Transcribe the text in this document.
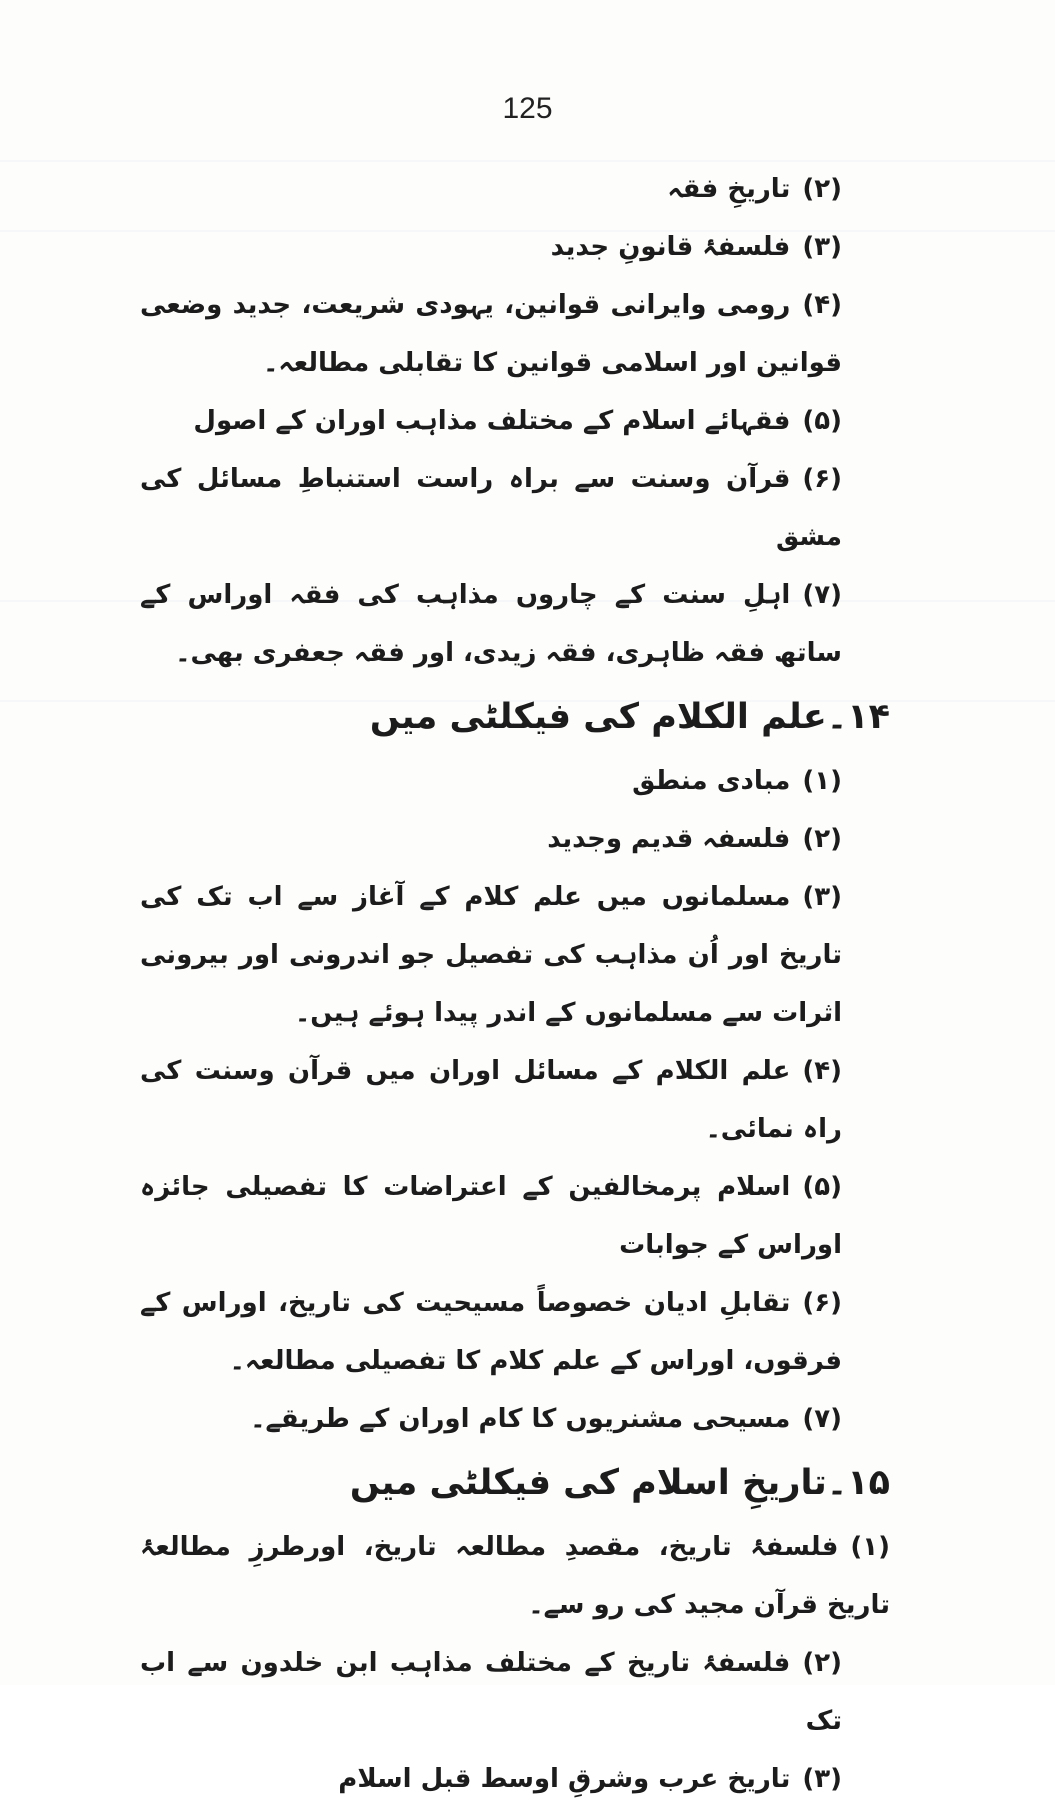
125

(۲)تاریخِ فقہ

(۳)فلسفۂ قانونِ جدید

(۴)رومی وایرانی قوانین، یہودی شریعت، جدید وضعی قوانین اور اسلامی قوانین کا تقابلی مطالعہ۔

(۵)فقہائے اسلام کے مختلف مذاہب اوران کے اصول

(۶)قرآن وسنت سے براہ راست استنباطِ مسائل کی مشق

(۷)اہلِ سنت کے چاروں مذاہب کی فقہ اوراس کے ساتھ فقہ ظاہری، فقہ زیدی، اور فقہ جعفری بھی۔

۱۴۔علم الکلام کی فیکلٹی میں

(۱)مبادی منطق

(۲)فلسفہ قدیم وجدید

(۳)مسلمانوں میں علم کلام کے آغاز سے اب تک کی تاریخ اور اُن مذاہب کی تفصیل جو اندرونی اور بیرونی اثرات سے مسلمانوں کے اندر پیدا ہوئے ہیں۔

(۴)علم الکلام کے مسائل اوران میں قرآن وسنت کی راہ نمائی۔

(۵)اسلام پرمخالفین کے اعتراضات کا تفصیلی جائزہ اوراس کے جوابات

(۶)تقابلِ ادیان خصوصاً مسیحیت کی تاریخ، اوراس کے فرقوں، اوراس کے علم کلام کا تفصیلی مطالعہ۔

(۷)مسیحی مشنریوں کا کام اوران کے طریقے۔

۱۵۔تاریخِ اسلام کی فیکلٹی میں

(۱)فلسفۂ تاریخ، مقصدِ مطالعہ تاریخ، اورطرزِ مطالعۂ تاریخ قرآن مجید کی رو سے۔

(۲)فلسفۂ تاریخ کے مختلف مذاہب ابن خلدون سے اب تک

(۳)تاریخ عرب وشرقِ اوسط قبل اسلام
